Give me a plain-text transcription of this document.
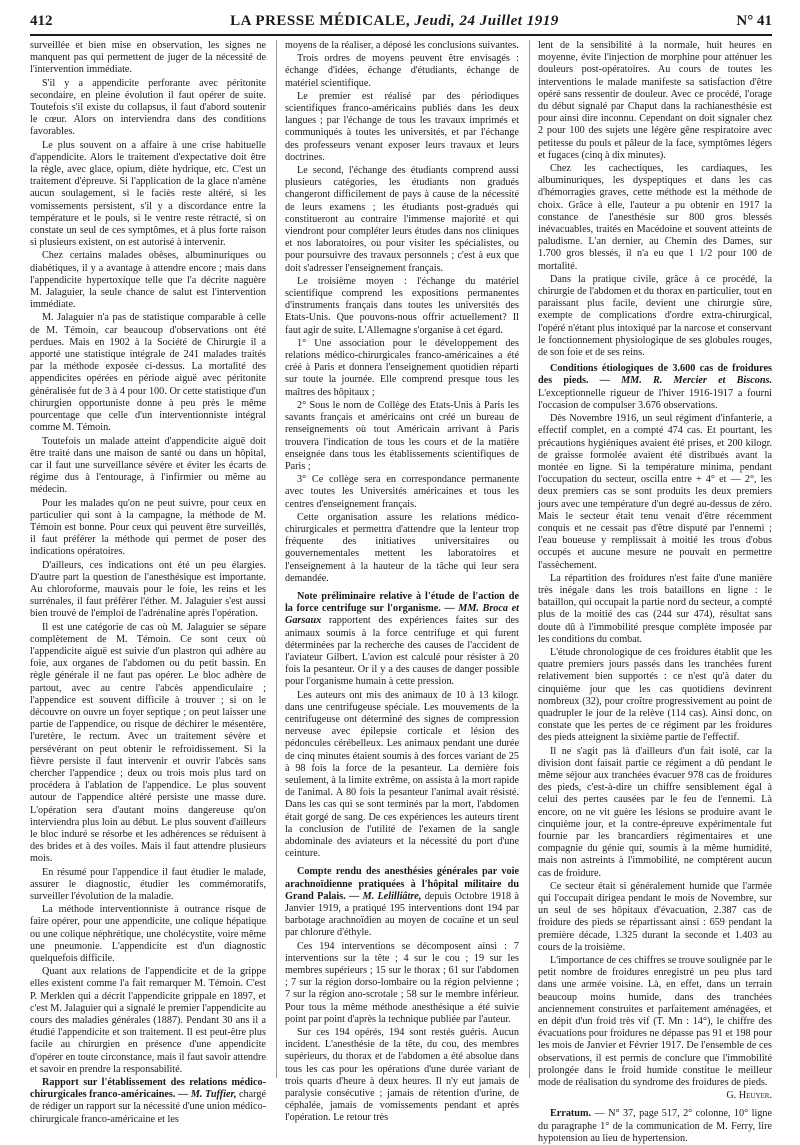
412	LA PRESSE MÉDICALE, Jeudi, 24 Juillet 1919	N° 41

surveillée et bien mise en observation, les signes ne manquent pas qui permettent de juger de la nécessité de l'intervention immédiate.

S'il y a appendicite perforante avec péritonite secondaire, en pleine évolution il faut opérer de suite. Toutefois s'il existe du collapsus, il faut d'abord soutenir le cœur. Alors on interviendra dans des conditions favorables.

Le plus souvent on a affaire à une crise habituelle d'appendicite. Alors le traitement d'expectative doit être la règle, avec glace, opium, diète hydrique, etc. C'est un traitement d'épreuve. Si l'application de la glace n'amène aucun soulagement, si le faciès reste altéré, si les vomissements persistent, s'il y a discordance entre la température et le pouls, si le ventre reste rétracté, si on constate un seul de ces symptômes, et à plus forte raison si plusieurs existent, on est autorisé à intervenir.

Chez certains malades obèses, albuminuriques ou diabétiques, il y a avantage à attendre encore ; mais dans l'appendicite hypertoxique telle que l'a décrite naguère M. Jalaguier, la seule chance de salut est l'intervention immédiate.

M. Jalaguier n'a pas de statistique comparable à celle de M. Témoin, car beaucoup d'observations ont été perdues. Mais en 1902 à la Société de Chirurgie il a apporté une statistique intégrale de 241 malades traités par la méthode exposée ci-dessus. La mortalité des appendicites opérées en période aiguë avec péritonite généralisée fut de 3 à 4 pour 100. Or cette statistique d'un chirurgien opportuniste donne à peu près le même pourcentage que celle d'un interventionniste intégral comme M. Témoin.

Toutefois un malade atteint d'appendicite aiguë doit être traité dans une maison de santé ou dans un hôpital, car il faut une surveillance sévère et éviter les écarts de régime dus à l'entourage, à l'infirmier ou même au médecin.

Pour les malades qu'on ne peut suivre, pour ceux en particulier qui sont à la campagne, la méthode de M. Témoin est bonne. Pour ceux qui peuvent être surveillés, il faut préférer la méthode qui permet de poser des indications opératoires.

D'ailleurs, ces indications ont été un peu élargies. D'autre part la question de l'anesthésique est importante. Au chloroforme, mauvais pour le foie, les reins et les surrénales, il faut préférer l'éther. M. Jalaguier s'est aussi bien trouvé de l'emploi de l'adrénaline après l'opération.

Il est une catégorie de cas où M. Jalaguier se sépare complètement de M. Témoin. Ce sont ceux où l'appendicite aiguë est suivie d'un plastron qui adhère au foie, aux organes de l'abdomen ou du petit bassin. En règle générale il ne faut pas opérer. Le bloc adhère de partout, avec au centre l'abcès appendiculaire ; l'appendice est souvent difficile à trouver ; si on le découvre on ouvre un foyer septique ; on peut laisser une partie de l'appendice, ou risque de déchirer le mésentère, l'uretère, le rectum. Avec un traitement sévère et persévérant on peut obtenir le refroidissement. Si la fièvre persiste il faut intervenir et ouvrir l'abcès sans chercher l'appendice ; deux ou trois mois plus tard on procédera à l'ablation de l'appendice. Le plus souvent autour de l'appendice altéré persiste une masse dure. L'opération sera d'autant moins dangereuse qu'on interviendra plus loin au début. Le plus souvent d'ailleurs le bloc induré se résorbe et les adhérences se réduisent à des brides et à des voiles. Mais il faut attendre plusieurs mois.

En résumé pour l'appendice il faut étudier le malade, assurer le diagnostic, étudier les commémoratifs, surveiller l'évolution de la maladie.

La méthode interventionniste à outrance risque de faire opérer, pour une appendicite, une colique hépatique ou une colique néphrétique, une cholécystite, voire même une pneumonie. L'appendicite est d'un diagnostic quelquefois difficile.

Quant aux relations de l'appendicite et de la grippe elles existent comme l'a fait remarquer M. Témoin. C'est P. Merklen qui a décrit l'appendicite grippale en 1897, et c'est M. Jalaguier qui a signalé le premier l'appendicite au cours des maladies générales (1887). Pendant 30 ans il a étudié l'appendicite et son traitement. Il est peut-être plus facile au chirurgien en présence d'une appendicite d'opérer en toute circonstance, mais il faut savoir attendre et savoir en prendre la responsabilité.

Rapport sur l'établissement des relations médico-chirurgicales franco-américaines. — M. Tuffier, chargé de rédiger un rapport sur la nécessité d'une union médico-chirurgicale franco-américaine et les

moyens de la réaliser, a déposé les conclusions suivantes.

Trois ordres de moyens peuvent être envisagés : échange d'idées, échange d'étudiants, échange de matériel scientifique.

Le premier est réalisé par des périodiques scientifiques franco-américains publiés dans les deux langues ; par l'échange de tous les travaux imprimés et communiqués à toutes les universités, et par l'échange des professeurs venant exposer leurs travaux et leurs doctrines.

Le second, l'échange des étudiants comprend aussi plusieurs catégories, les étudiants non gradués changeront difficilement de pays à cause de la nécessité de leurs examens ; les étudiants post-gradués qui constitueront au contraire l'immense majorité et qui viendront pour compléter leurs études dans nos cliniques et nos laboratoires, ou pour visiter les spécialistes, ou pour poursuivre des travaux personnels ; c'est à eux que doit s'adresser l'enseignement français.

Le troisième moyen : l'échange du matériel scientifique comprend les expositions permanentes d'instruments français dans toutes les universités des Etats-Unis. Que pouvons-nous offrir actuellement? Il faut agir de suite. L'Allemagne s'organise à cet égard.

1° Une association pour le développement des relations médico-chirurgicales franco-américaines a été créé à Paris et donnera l'enseignement quotidien réparti sur toute la journée. Elle comprend presque tous les maîtres des hôpitaux ;

2° Sous le nom de Collège des Etats-Unis à Paris les savants français et américains ont créé un bureau de renseignements où tout Américain arrivant à Paris trouvera l'indication de tous les cours et de la matière enseignée dans tous les établissements scientifiques de Paris ;

3° Ce collège sera en correspondance permanente avec toutes les Universités américaines et tous les centres d'enseignement français.

Cette organisation assure les relations médico-chirurgicales et permettra d'attendre que la lenteur trop fréquente des initiatives universitaires ou gouvernementales mettent les laboratoires et l'enseignement à la hauteur de la tâche qui leur sera demandée.

Note préliminaire relative à l'étude de l'action de la force centrifuge sur l'organisme. — MM. Broca et Garsaux rapportent des expériences faites sur des animaux soumis à la force centrifuge et qui furent déterminées par la recherche des causes de l'accident de l'aviateur Gilbert. L'avion est calculé pour résister à 20 fois la pesanteur. Or il y a des causes de danger possible pour l'organisme humain à cette pression.

Les auteurs ont mis des animaux de 10 à 13 kilogr. dans une centrifugeuse spéciale. Les mouvements de la centrifugeuse ont déterminé des signes de compression nerveuse avec épilepsie corticale et lésion des pédoncules cérébelleux. Les animaux pendant une durée de cinq minutes étaient soumis à des forces variant de 25 à 98 fois la force de la pesanteur. La dernière fois seulement, à la limite extrême, on assista à la mort rapide de l'animal. A 80 fois la pesanteur l'animal avait résisté. Dans les cas qui se sont terminés par la mort, l'abdomen était gorgé de sang. De ces expériences les auteurs tirent la conclusion de l'utilité de l'examen de la sangle abdominale des aviateurs et la nécessité du port d'une ceinture.

Compte rendu des anesthésies générales par voie arachnoïdienne pratiquées à l'hôpital militaire du Grand Palais. — M. Lelilliâtre, depuis Octobre 1918 à Janvier 1919, a pratiqué 195 interventions dont 194 par barbotage arachnoïdien au moyen de cocaïne et un seul par chlorure d'éthyle.

Ces 194 interventions se décomposent ainsi : 7 interventions sur la tête ; 4 sur le cou ; 19 sur les membres supérieurs ; 15 sur le thorax ; 61 sur l'abdomen ; 7 sur la région dorso-lombaire ou la région pelvienne ; 7 sur la région ano-scrotale ; 58 sur le membre inférieur. Pour tous la même méthode anesthésique a été suivie point par point d'après la technique publiée par l'auteur.

Sur ces 194 opérés, 194 sont restés guéris. Aucun incident. L'anesthésie de la tête, du cou, des membres supérieurs, du thorax et de l'abdomen a été absolue dans tous les cas pour les opérations d'une durée variant de trois quarts d'heure à deux heures. Il n'y eut jamais de paralysie consécutive ; jamais de rétention d'urine, de céphalée, jamais de vomissements pendant et après l'opération. Le retour très

lent de la sensibilité à la normale, huit heures en moyenne, évite l'injection de morphine pour atténuer les douleurs post-opératoires. Au cours de toutes les interventions le malade manifeste sa satisfaction d'être opéré sans ressentir de douleur. Avec ce procédé, l'orage du début signalé par Chaput dans la rachianesthésie est pour ainsi dire inconnu. Cependant on doit signaler chez 2 pour 100 des sujets une légère gêne respiratoire avec petitesse du pouls et pâleur de la face, symptômes légers et fugaces (cinq à dix minutes).

Chez les cachectiques, les cardiaques, les albuminuriques, les dyspeptiques et dans les cas d'hémorragies graves, cette méthode est la méthode de choix. Grâce à elle, l'auteur a pu obtenir en 1917 la constance de l'anesthésie sur 800 gros blessés inévacuables, traités en Macédoine et souvent atteints de paludisme. L'an dernier, au Chemin des Dames, sur 1.700 gros blessés, il n'a eu que 1 1/2 pour 100 de mortalité.

Dans la pratique civile, grâce à ce procédé, la chirurgie de l'abdomen et du thorax en particulier, tout en paraissant plus facile, devient une chirurgie sûre, exempte de complications d'ordre extra-chirurgical, l'opéré n'étant plus intoxiqué par la narcose et conservant le fonctionnement physiologique de ses globules rouges, de son foie et de ses reins.

Conditions étiologiques de 3.600 cas de froidures des pieds. — MM. R. Mercier et Biscons. L'exceptionnelle rigueur de l'hiver 1916-1917 a fourni l'occasion de compulser 3.676 observations.

Dès Novembre 1916, un seul régiment d'infanterie, a effectif complet, en a compté 474 cas. Et pourtant, les précautions hygiéniques avaient été prises, et 200 kilogr. de graisse formolée avaient été distribués avant la montée en ligne. Si la température minima, pendant l'occupation du secteur, oscilla entre + 4° et — 2°, les deux premiers cas se sont produits les deux premiers jours avec une température d'un degré au-dessus de zéro. Mais le secteur était tenu venait d'être récemment conquis et ne cessait pas d'être disputé par l'ennemi ; l'eau boueuse y remplissait à moitié les trous d'obus occupés et aucune mesure ne pouvait en permettre l'assèchement.

La répartition des froidures n'est faite d'une manière très inégale dans les trois bataillons en ligne : le bataillon, qui occupait la partie nord du secteur, a compté plus de la moitié des cas (244 sur 474), résultat sans doute dû à l'immobilité presque complète imposée par les conditions du combat.

L'étude chronologique de ces froidures établit que les quatre premiers jours passés dans les tranchées furent relativement bien supportés : ce n'est qu'à dater du cinquième jour que les cas quotidiens devinrent nombreux (32), pour croître progressivement au point de quadrupler le jour de la relève (114 cas). Ainsi donc, on constate que les pertes de ce régiment par les froidures des pieds atteignent la sixième partie de l'effectif.

Il ne s'agit pas là d'ailleurs d'un fait isolé, car la division dont faisait partie ce régiment a dû pendant le même séjour aux tranchées évacuer 978 cas de froidures des pieds, c'est-à-dire un chiffre sensiblement égal à celui des pertes causées par le feu de l'ennemi. Là encore, on ne vit guère les lésions se produire avant le cinquième jour, et la contre-épreuve expérimentale fut fournie par les brancardiers régimentaires et une compagnie du génie qui, soumis à la même humidité, mais non astreints à l'immobilité, ne comptèrent aucun cas de froidure.

Ce secteur était si généralement humide que l'armée qui l'occupait dirigea pendant le mois de Novembre, sur un seul de ses hôpitaux d'évacuation, 2.387 cas de froidure des pieds se répartissant ainsi : 659 pendant la première décade, 1.325 durant la seconde et 1.403 au cours de la troisième.

L'importance de ces chiffres se trouve soulignée par le petit nombre de froidures enregistré un peu plus tard dans une armée voisine. Là, en effet, dans un terrain beaucoup moins humide, dans des tranchées anciennement construites et parfaitement aménagées, et en dépit d'un froid très vif (T. Mn : 14°), le chiffre des évacuations pour froidures ne dépasse pas 91 et 198 pour les mois de Janvier et Février 1917. De l'ensemble de ces observations, il est permis de conclure que l'immobilité prolongée dans le froid humide constitue le meilleur mode de réalisation du syndrome des froidures de pieds.

G. Heuyer.

Erratum. — N° 37, page 517, 2° colonne, 10° ligne du paragraphe 1° de la communication de M. Ferry, lire hypotension au lieu de hypertension.
